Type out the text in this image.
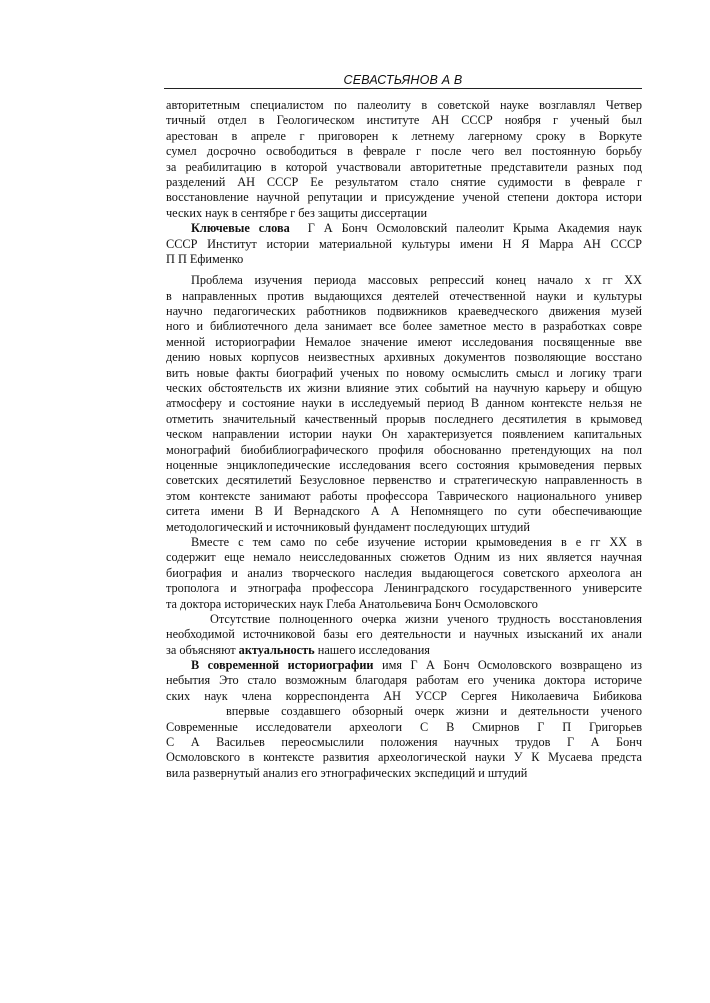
СЕВАСТЬЯНОВ А В
авторитетным специалистом по палеолиту в советской науке возглавлял Четвер
тичный отдел в Геологическом институте АН СССР ноября г ученый был
арестован в апреле г приговорен к летнему лагерному сроку в Воркуте
сумел досрочно освободиться в феврале г после чего вел постоянную борьбу
за реабилитацию в которой участвовали авторитетные представители разных под
разделений АН СССР Ее результатом стало снятие судимости в феврале г
восстановление научной репутации и присуждение ученой степени доктора истори
ческих наук в сентябре г без защиты диссертации
Ключевые слова Г А Бонч Осмоловский палеолит Крыма Академия наук
СССР Институт истории материальной культуры имени Н Я Марра АН СССР
П П Ефименко
Проблема изучения периода массовых репрессий конец начало х гг XX
в направленных против выдающихся деятелей отечественной науки и культуры
научно педагогических работников подвижников краеведческого движения музей
ного и библиотечного дела занимает все более заметное место в разработках совре
менной историографии Немалое значение имеют исследования посвященные вве
дению новых корпусов неизвестных архивных документов позволяющие восстано
вить новые факты биографий ученых по новому осмыслить смысл и логику траги
ческих обстоятельств их жизни влияние этих событий на научную карьеру и общую
атмосферу и состояние науки в исследуемый период В данном контексте нельзя не
отметить значительный качественный прорыв последнего десятилетия в крымовед
ческом направлении истории науки Он характеризуется появлением капитальных
монографий биобиблиографического профиля обоснованно претендующих на пол
ноценные энциклопедические исследования всего состояния крымоведения первых
советских десятилетий Безусловное первенство и стратегическую направленность в
этом контексте занимают работы профессора Таврического национального универ
ситета имени В И Вернадского А А Непомнящего по сути обеспечивающие
методологический и источниковый фундамент последующих штудий
Вместе с тем само по себе изучение истории крымоведения в е гг XX в
содержит еще немало неисследованных сюжетов Одним из них является научная
биография и анализ творческого наследия выдающегося советского археолога ан
трополога и этнографа профессора Ленинградского государственного университе
та доктора исторических наук Глеба Анатольевича Бонч Осмоловского
Отсутствие полноценного очерка жизни ученого трудность восстановления
необходимой источниковой базы его деятельности и научных изысканий их анали
за объясняют актуальность нашего исследования
В современной историографии имя Г А Бонч Осмоловского возвращено из
небытия Это стало возможным благодаря работам его ученика доктора историче
ских наук члена корреспондента АН УССР Сергея Николаевича Бибикова
впервые создавшего обзорный очерк жизни и деятельности ученого
Современные исследователи археологи С В Смирнов Г П Григорьев
С А Васильев переосмыслили положения научных трудов Г А Бонч
Осмоловского в контексте развития археологической науки У К Мусаева предста
вила развернутый анализ его этнографических экспедиций и штудий
